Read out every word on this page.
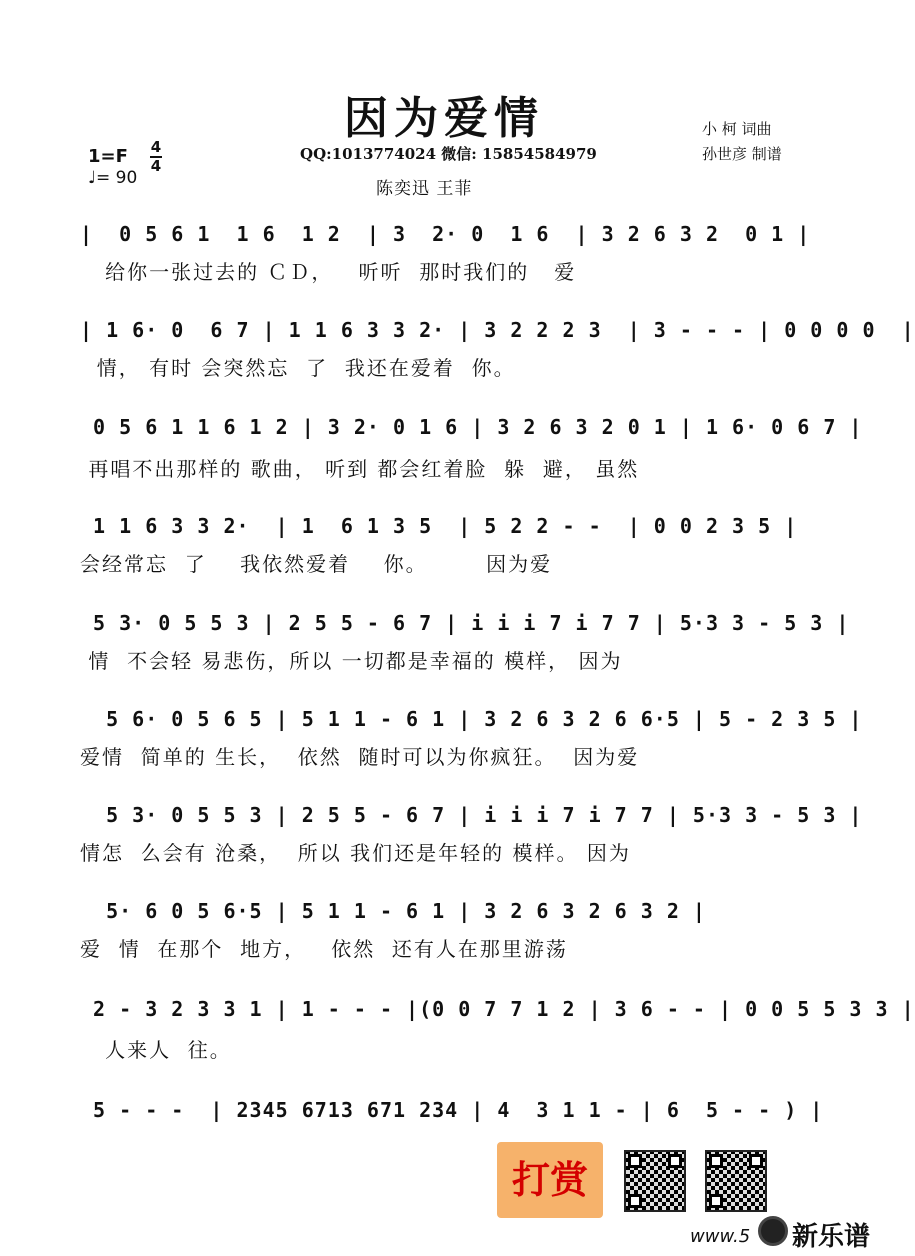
因为爱情	小 柯 词曲
孙世彦 制谱
QQ:1013774024 微信: 15854584979
陈奕迅 王菲
1=F 4
4
♩= 90
|  0 5 6 1  1 6  1 2  | 3  2· 0  1 6  | 3 2 6 3 2  0 1 |
给你一张过去的 ＣＤ，   听听  那时我们的   爱
| 1 6· 0  6 7 | 1 1 6 3 3 2· | 3 2 2 2 3  | 3 - - - | 0 0 0 0  |
情， 有时 会突然忘  了  我还在爱着  你。
0 5 6 1 1 6 1 2 | 3 2· 0 1 6 | 3 2 6 3 2 0 1 | 1 6· 0 6 7 |
再唱不出那样的 歌曲， 听到 都会红着脸  躲  避， 虽然
1 1 6 3 3 2·  | 1  6 1 3 5  | 5 2 2 - -  | 0 0 2 3 5 |
会经常忘  了    我依然爱着    你。       因为爱
5 3· 0 5 5 3 | 2 5 5 - 6 7 | i i i 7 i 7 7 | 5·3 3 - 5 3 |
情  不会轻 易悲伤，所以 一切都是幸福的 模样， 因为
5 6· 0 5 6 5 | 5 1 1 - 6 1 | 3 2 6 3 2 6 6·5 | 5 - 2 3 5 |
爱情  简单的 生长，  依然  随时可以为你疯狂。  因为爱
5 3· 0 5 5 3 | 2 5 5 - 6 7 | i i i 7 i 7 7 | 5·3 3 - 5 3 |
情怎  么会有 沧桑，  所以 我们还是年轻的 模样。 因为
5· 6 0 5 6·5 | 5 1 1 - 6 1 | 3 2 6 3 2 6 3 2 |
爱  情  在那个  地方，   依然  还有人在那里游荡
2 - 3 2 3 3 1 | 1 - - - |(0 0 7 7 1 2 | 3 6 - - | 0 0 5 5 3 3 |
人来人  往。
5 - - -  | 2345 6713 671 234 | 4  3 1 1 - | 6  5 - - ) |
打赏
www.5 新乐谱
